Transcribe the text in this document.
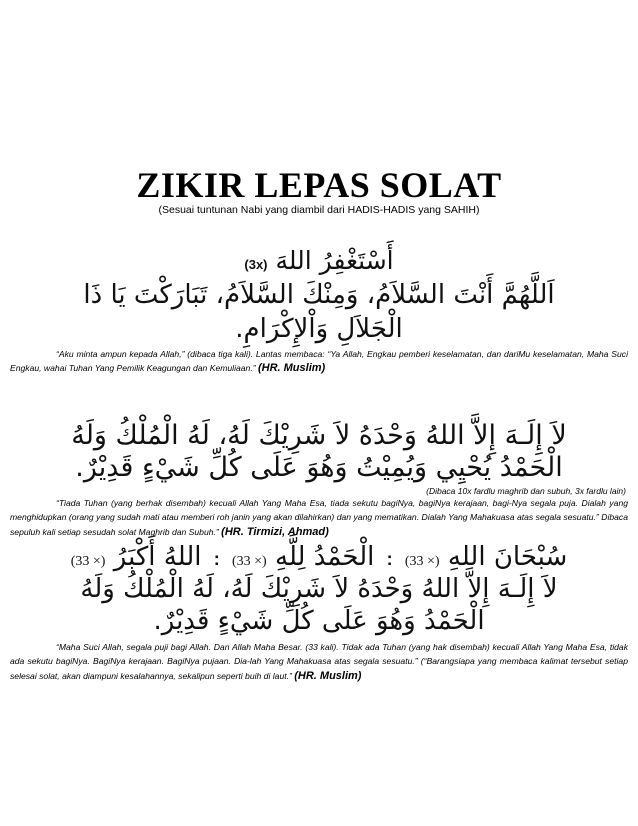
ZIKIR LEPAS SOLAT
(Sesuai tuntunan Nabi yang diambil dari HADIS-HADIS yang SAHIH)
أَسْتَغْفِرُ اللهَ (3x)
اَللَّهُمَّ أَنْتَ السَّلاَمُ، وَمِنْكَ السَّلاَمُ، تَبَارَكْتَ يَا ذَا
الْجَلاَلِ وَاْلإِكْرَامِ.
“Aku minta ampun kepada Allah,” (dibaca tiga kali). Lantas membaca: “Ya Allah, Engkau pemberi keselamatan, dan dariMu keselamatan, Maha Suci Engkau, wahai Tuhan Yang Pemilik Keagungan dan Kemuliaan.” (HR. Muslim)
لاَ إِلَـهَ إِلاَّ اللهُ وَحْدَهُ لاَ شَرِيْكَ لَهُ، لَهُ الْمُلْكُ وَلَهُ
الْحَمْدُ يُحْيِي وَيُمِيْتُ وَهُوَ عَلَى كُلِّ شَيْءٍ قَدِيْرٌ.
(Dibaca 10x fardlu maghrib dan subuh, 3x fardlu lain)
“Tiada Tuhan (yang berhak disembah) kecuali Allah Yang Maha Esa, tiada sekutu bagiNya, bagiNya kerajaan, bagi-Nya segala puja. Dialah yang menghidupkan (orang yang sudah mati atau memberi roh janin yang akan dilahirkan) dan yang mematikan. Dialah Yang Mahakuasa atas segala sesuatu.” Dibaca sepuluh kali setiap sesudah solat Maghrib dan Subuh.” (HR. Tirmizi, Ahmad)
سُبْحَانَ اللهِ (33 ×) : الْحَمْدُ لِلَّهِ (33 ×) : اللهُ أَكْبَرُ (33 ×)
لاَ إِلَـهَ إِلاَّ اللهُ وَحْدَهُ لاَ شَرِيْكَ لَهُ، لَهُ الْمُلْكُ وَلَهُ
الْحَمْدُ وَهُوَ عَلَى كُلِّ شَيْءٍ قَدِيْرٌ.
“Maha Suci Allah, segala puji bagi Allah. Dan Allah Maha Besar. (33 kali). Tidak ada Tuhan (yang hak disembah) kecuali Allah Yang Maha Esa, tidak ada sekutu bagiNya. BagiNya kerajaan. BagiNya pujaan. Dia-lah Yang Mahakuasa atas segala sesuatu.” (“Barangsiapa yang membaca kalimat tersebut setiap selesai solat, akan diampuni kesalahannya, sekalipun seperti buih di laut.” (HR. Muslim)
